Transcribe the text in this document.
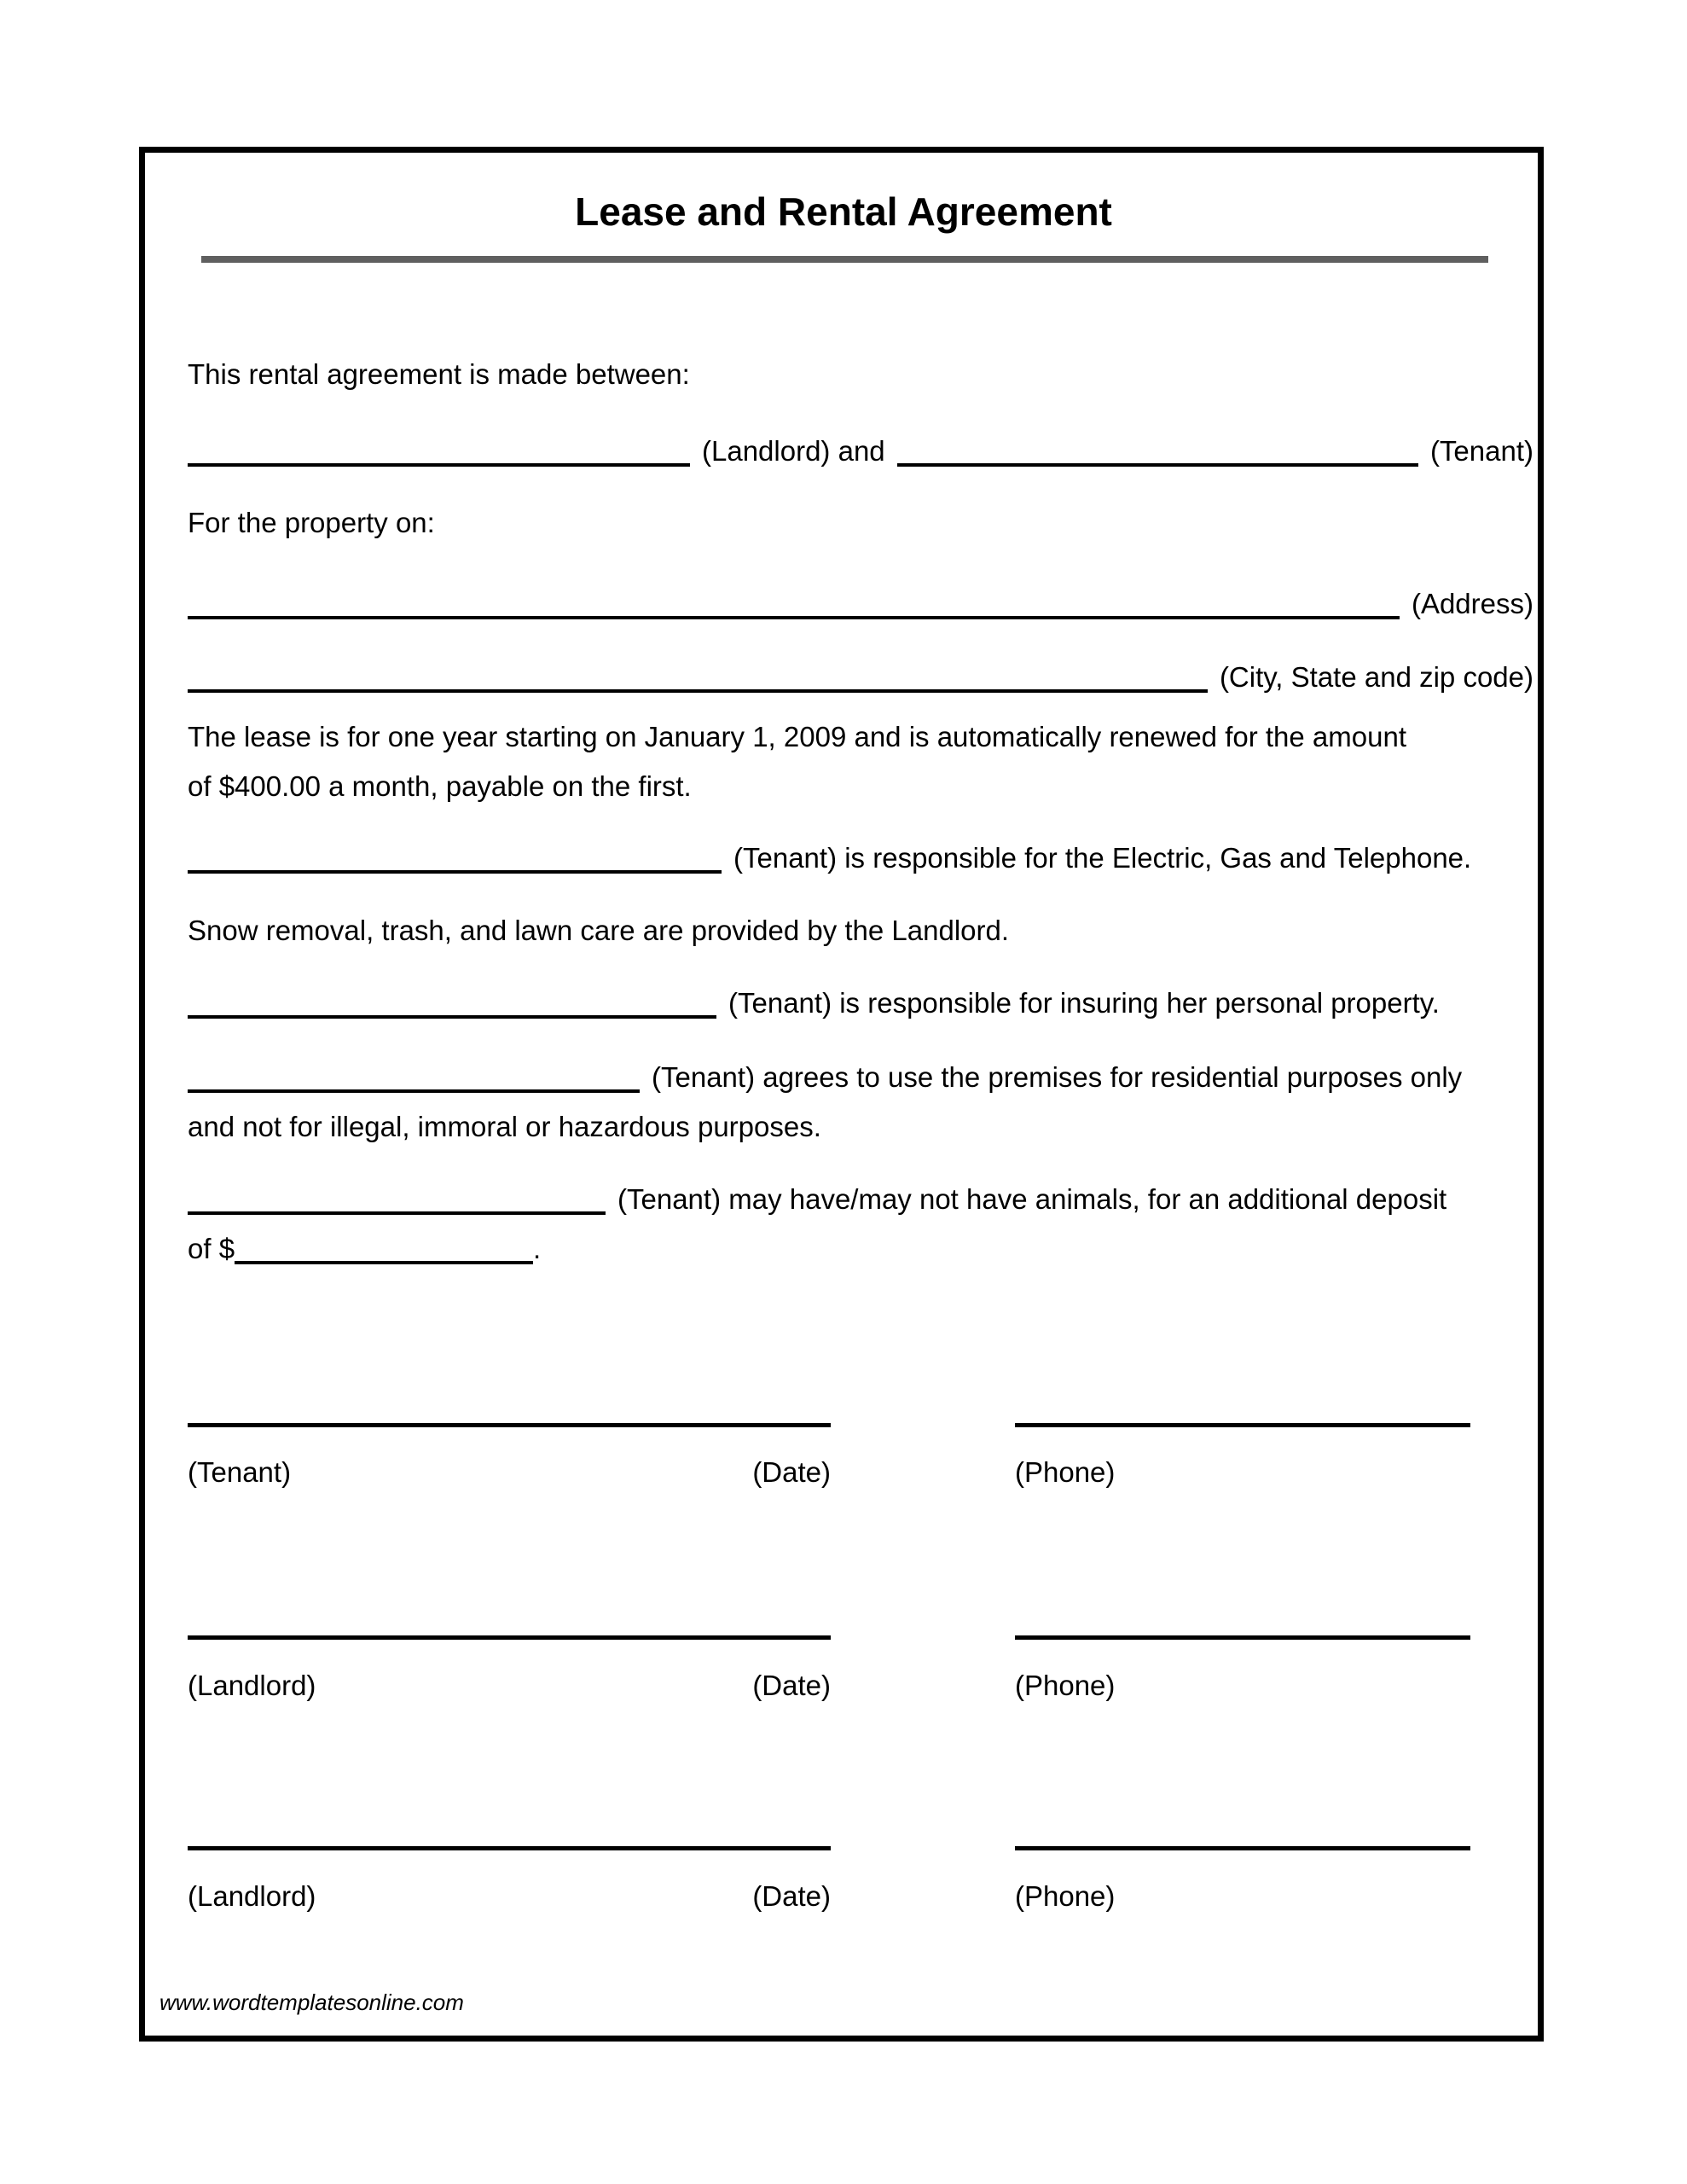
Lease and Rental Agreement
This rental agreement is made between:
(Landlord) and	(Tenant)
For the property on:
(Address)
(City, State and zip code)
The lease is for one year starting on January 1, 2009 and is automatically renewed for the amount
of $400.00 a month, payable on the first.
(Tenant) is responsible for the Electric, Gas and Telephone.
Snow removal, trash, and lawn care are provided by the Landlord.
(Tenant) is responsible for insuring her personal property.
(Tenant) agrees to use the premises for residential purposes only
and not for illegal, immoral or hazardous purposes.
(Tenant) may have/may not have animals, for an additional deposit
of $	.
(Tenant)	(Date)	(Phone)
(Landlord)	(Date)	(Phone)
(Landlord)	(Date)	(Phone)
www.wordtemplatesonline.com
